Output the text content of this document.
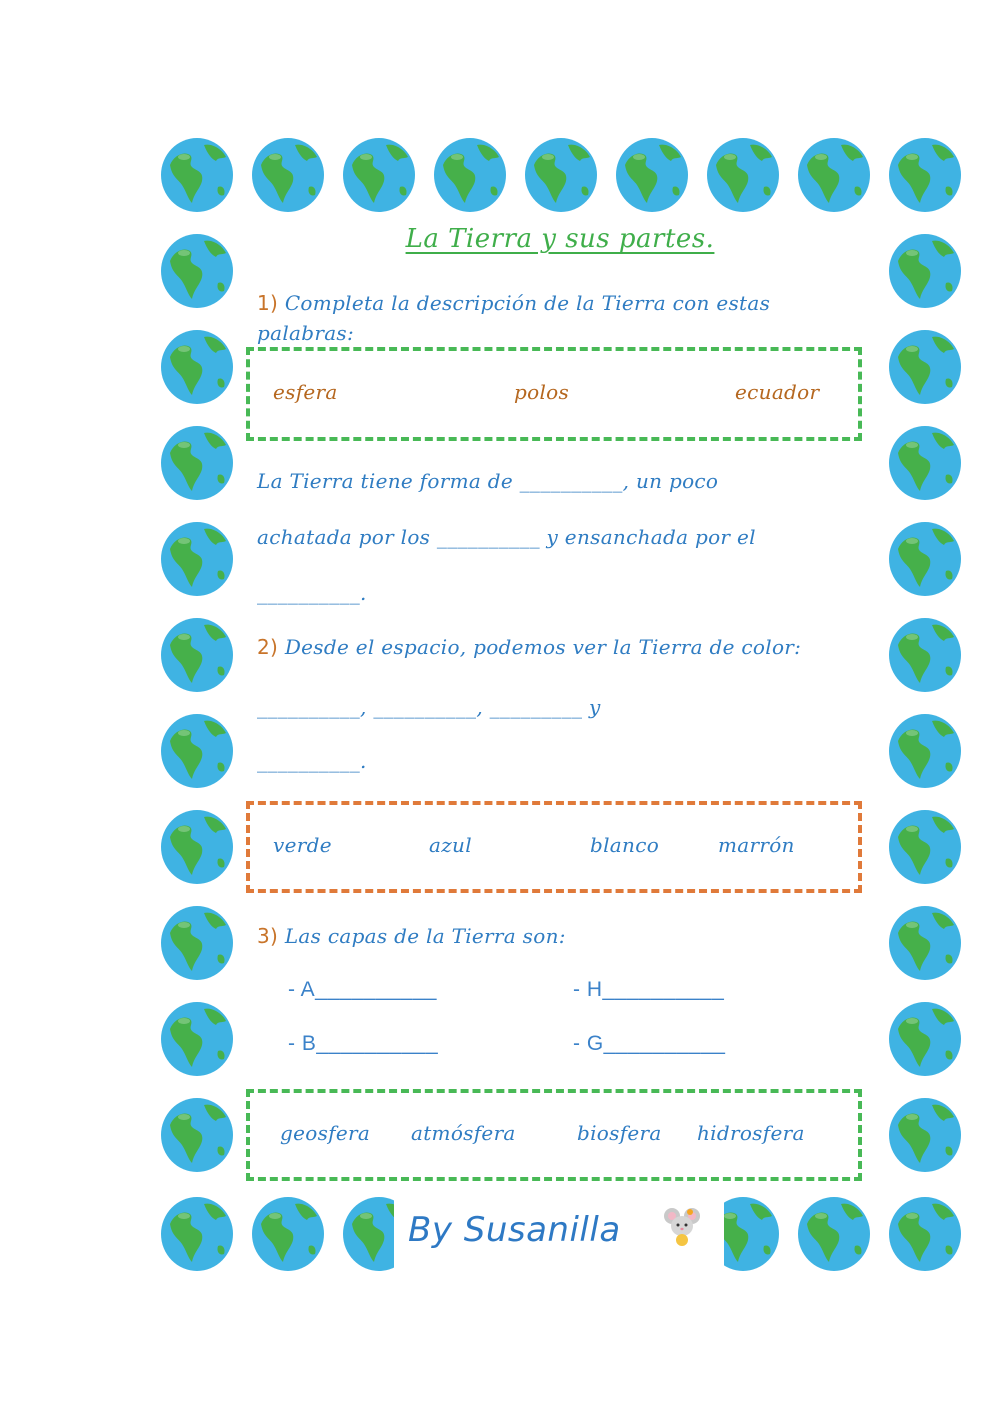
La Tierra y sus partes.
1) Completa la descripción de la Tierra con estas
palabras:
esfera	polos	ecuador
La Tierra tiene forma de __________, un poco
achatada por los __________ y ensanchada por el
__________.
2) Desde el espacio, podemos ver la Tierra de color:
__________, __________, _________ y
__________.
verde	azul	blanco	marrón
3) Las capas de la Tierra son:
- A__________	- H__________
- B__________	- G__________
geosfera atmósfera	biosfera hidrosfera
By Susanilla
